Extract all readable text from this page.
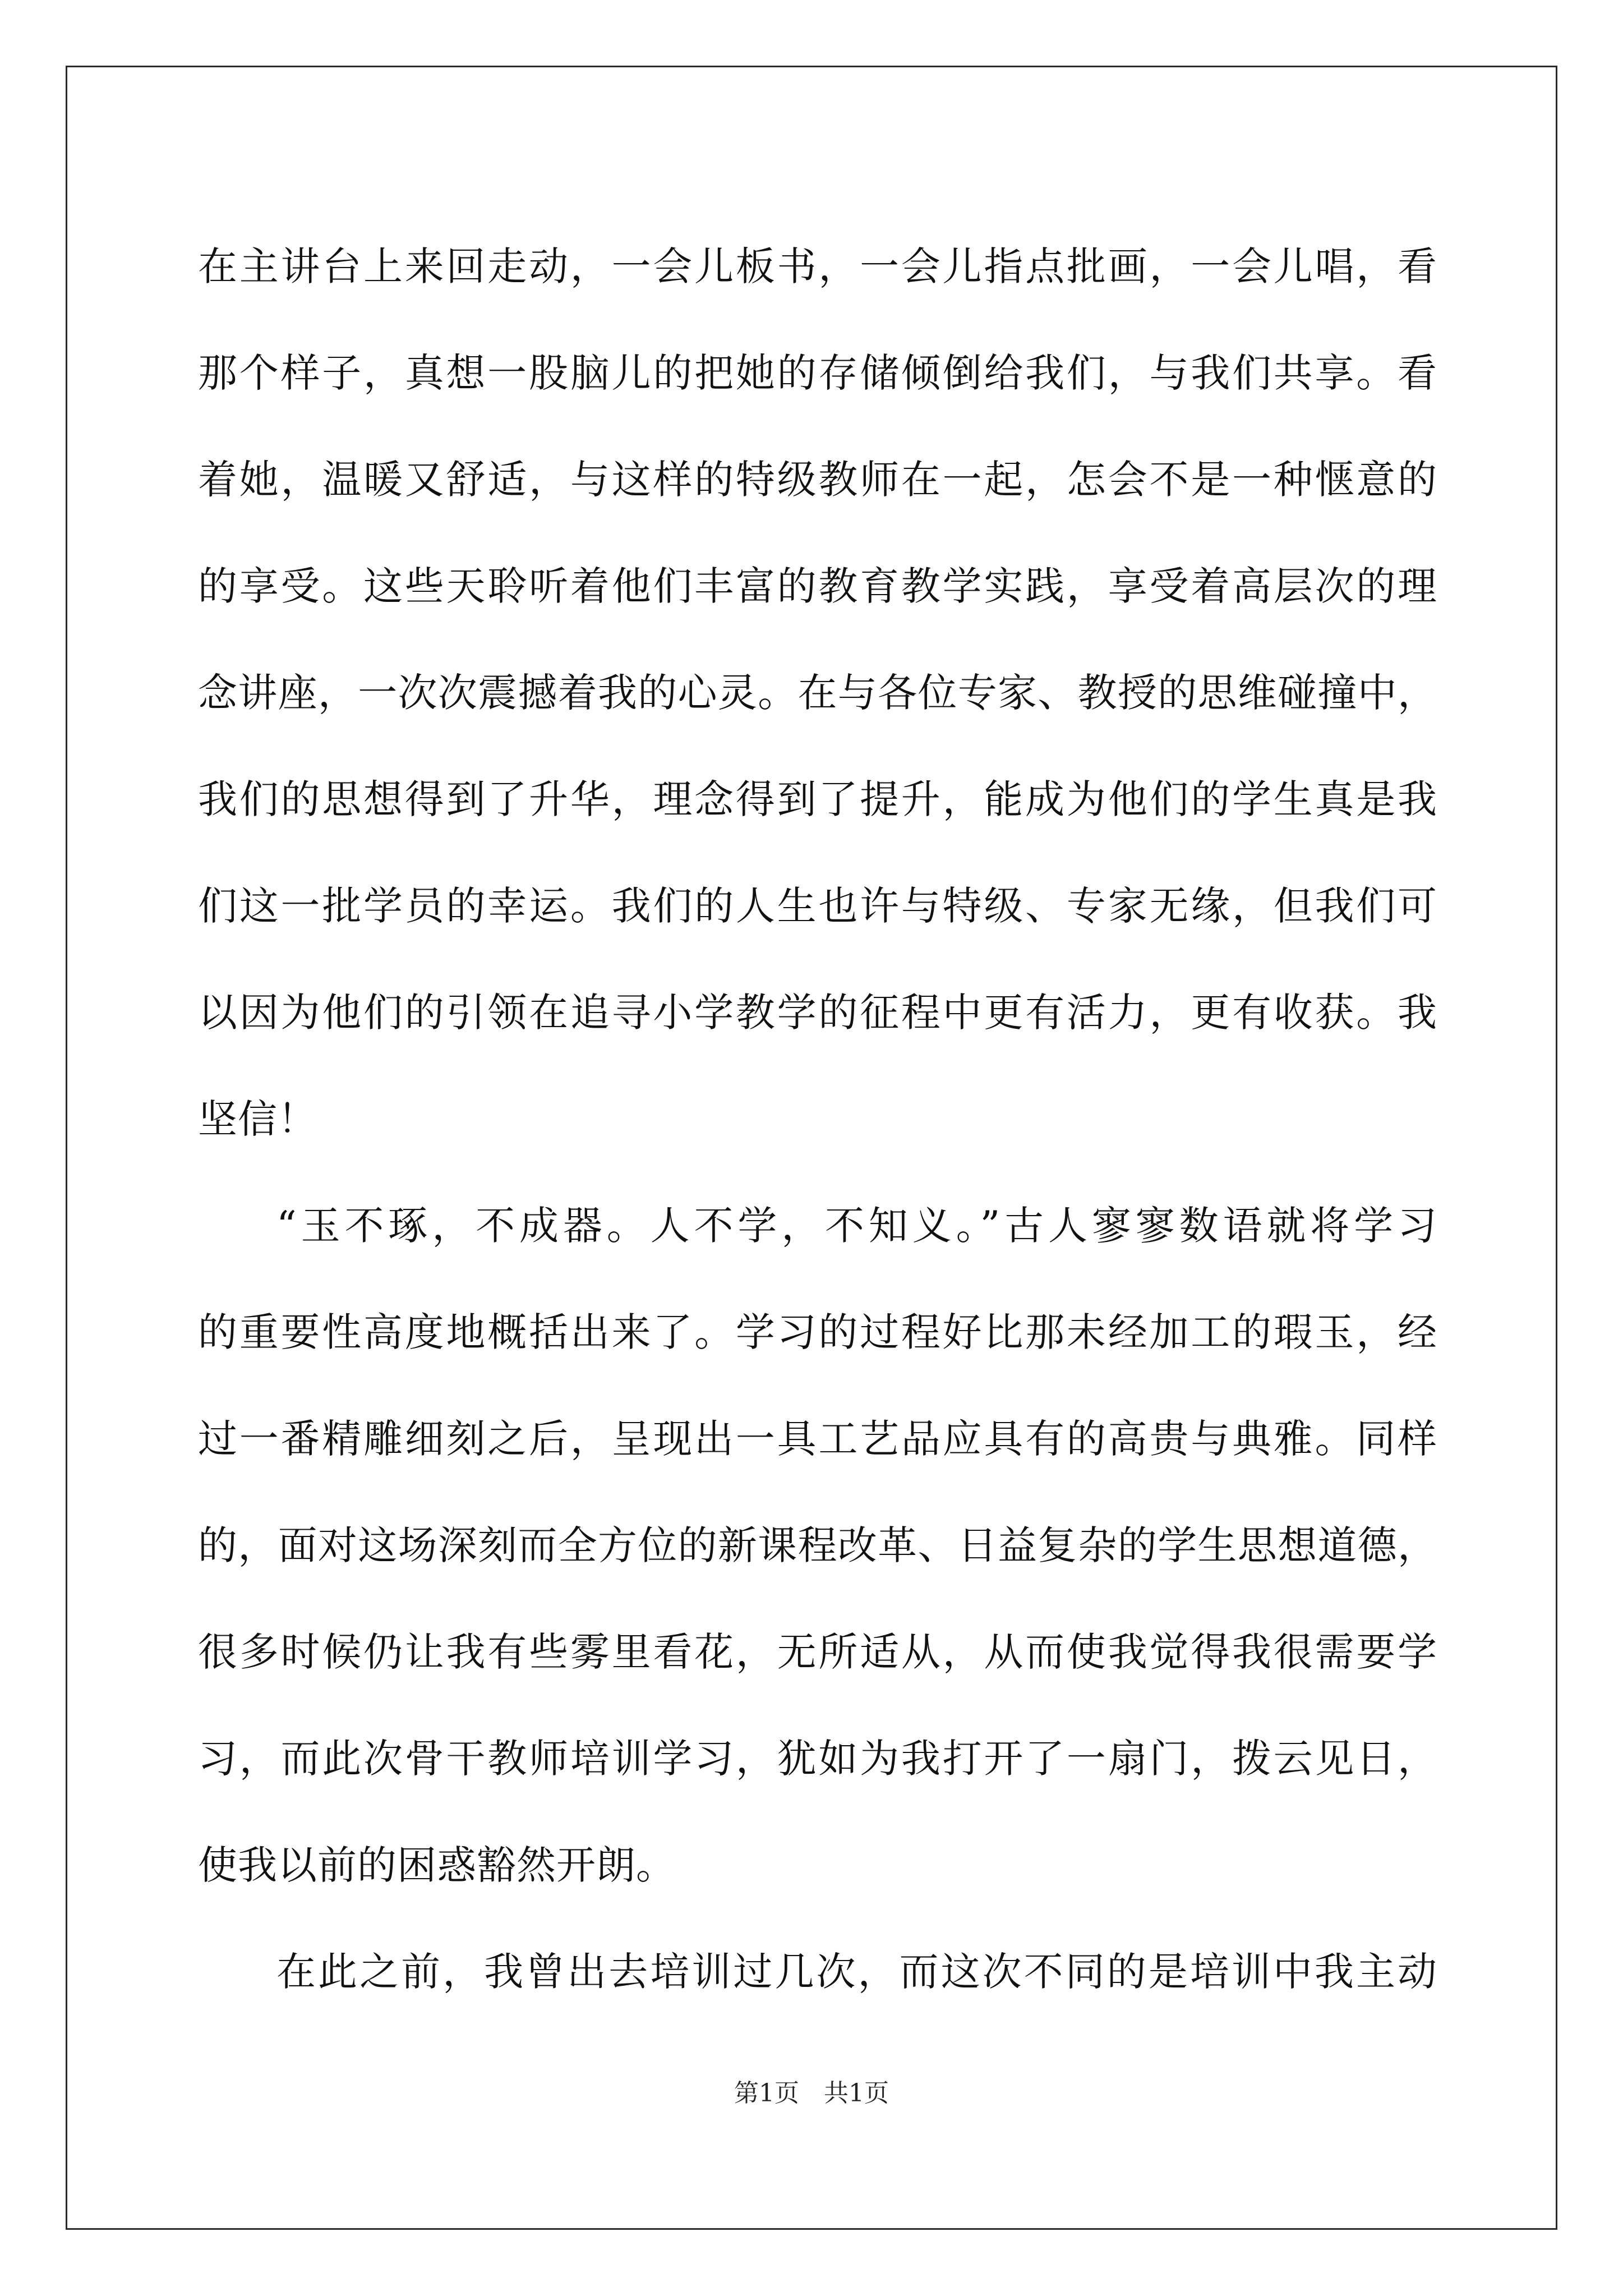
在主讲台上来回走动，一会儿板书，一会儿指点批画，一会儿唱，看
那个样子，真想一股脑儿的把她的存储倾倒给我们，与我们共享。看
着她，温暖又舒适，与这样的特级教师在一起，怎会不是一种惬意的
的享受。这些天聆听着他们丰富的教育教学实践，享受着高层次的理
念讲座，一次次震撼着我的心灵。在与各位专家、教授的思维碰撞中，
我们的思想得到了升华，理念得到了提升，能成为他们的学生真是我
们这一批学员的幸运。我们的人生也许与特级、专家无缘，但我们可
以因为他们的引领在追寻小学教学的征程中更有活力，更有收获。我
坚信！
“玉不琢，不成器。人不学，不知义。”古人寥寥数语就将学习
的重要性高度地概括出来了。学习的过程好比那未经加工的瑕玉，经
过一番精雕细刻之后，呈现出一具工艺品应具有的高贵与典雅。同样
的，面对这场深刻而全方位的新课程改革、日益复杂的学生思想道德，
很多时候仍让我有些雾里看花，无所适从，从而使我觉得我很需要学
习，而此次骨干教师培训学习，犹如为我打开了一扇门，拨云见日，
使我以前的困惑豁然开朗。
在此之前，我曾出去培训过几次，而这次不同的是培训中我主动
第1页　共1页
